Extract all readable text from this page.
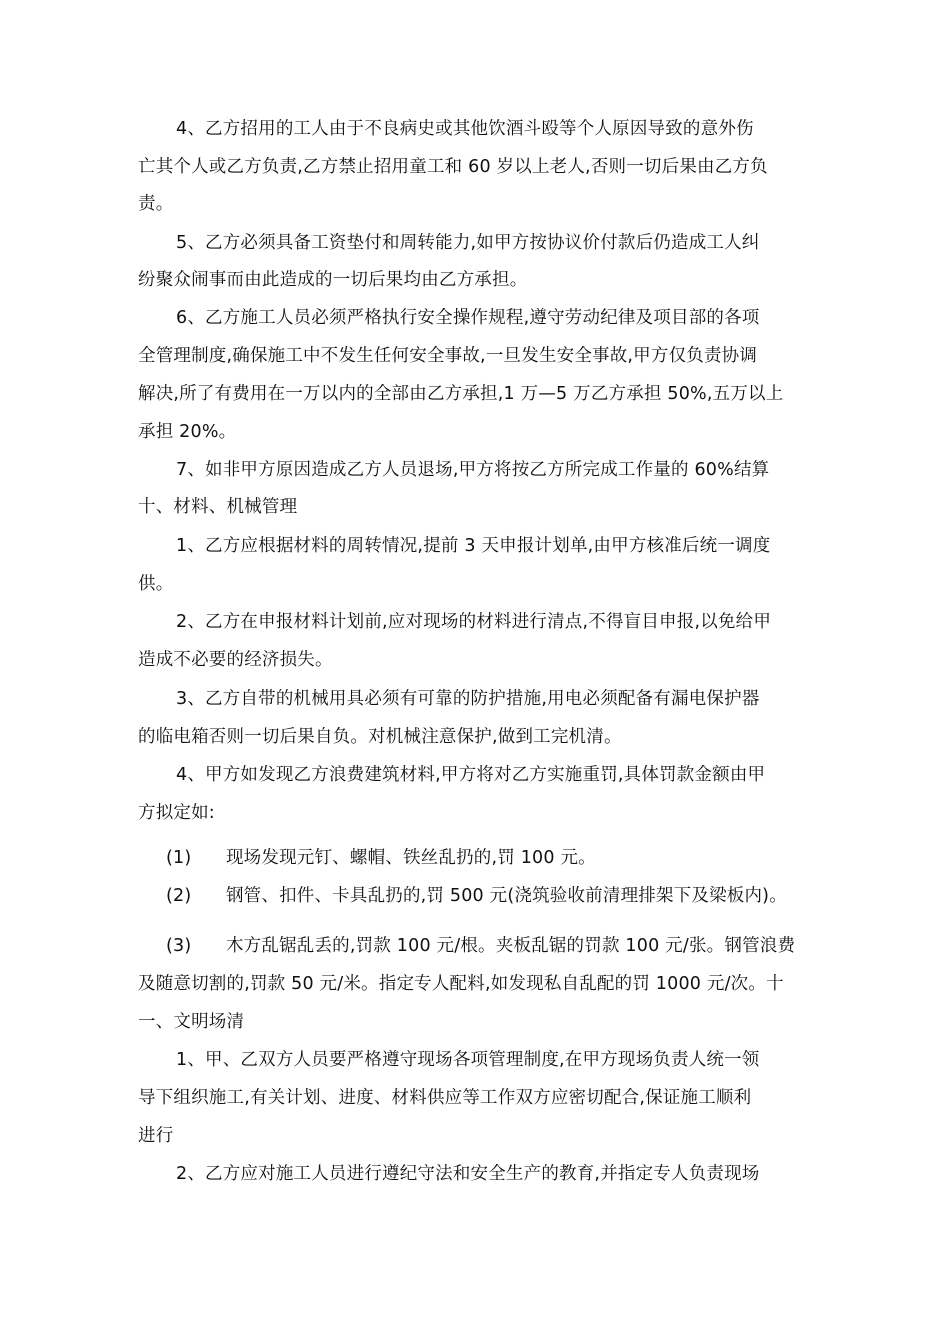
4、乙方招用的工人由于不良病史或其他饮酒斗殴等个人原因导致的意外伤
亡其个人或乙方负责,乙方禁止招用童工和 60 岁以上老人,否则一切后果由乙方负
责。
5、乙方必须具备工资垫付和周转能力,如甲方按协议价付款后仍造成工人纠
纷聚众闹事而由此造成的一切后果均由乙方承担。
6、乙方施工人员必须严格执行安全操作规程,遵守劳动纪律及项目部的各项
全管理制度,确保施工中不发生任何安全事故,一旦发生安全事故,甲方仅负责协调
解决,所了有费用在一万以内的全部由乙方承担,1 万—5 万乙方承担 50%,五万以上
承担 20%。
7、如非甲方原因造成乙方人员退场,甲方将按乙方所完成工作量的 60%结算
十、材料、机械管理
1、乙方应根据材料的周转情况,提前 3 天申报计划单,由甲方核准后统一调度
供。
2、乙方在申报材料计划前,应对现场的材料进行清点,不得盲目申报,以免给甲
造成不必要的经济损失。
3、乙方自带的机械用具必须有可靠的防护措施,用电必须配备有漏电保护器
的临电箱否则一切后果自负。对机械注意保护,做到工完机清。
4、甲方如发现乙方浪费建筑材料,甲方将对乙方实施重罚,具体罚款金额由甲
方拟定如:
(1)      现场发现元钉、螺帽、铁丝乱扔的,罚 100 元。
(2)      钢管、扣件、卡具乱扔的,罚 500 元(浇筑验收前清理排架下及梁板内)。
(3)      木方乱锯乱丢的,罚款 100 元/根。夹板乱锯的罚款 100 元/张。钢管浪费
及随意切割的,罚款 50 元/米。指定专人配料,如发现私自乱配的罚 1000 元/次。十
一、文明场清
1、甲、乙双方人员要严格遵守现场各项管理制度,在甲方现场负责人统一领
导下组织施工,有关计划、进度、材料供应等工作双方应密切配合,保证施工顺利
进行
2、乙方应对施工人员进行遵纪守法和安全生产的教育,并指定专人负责现场
